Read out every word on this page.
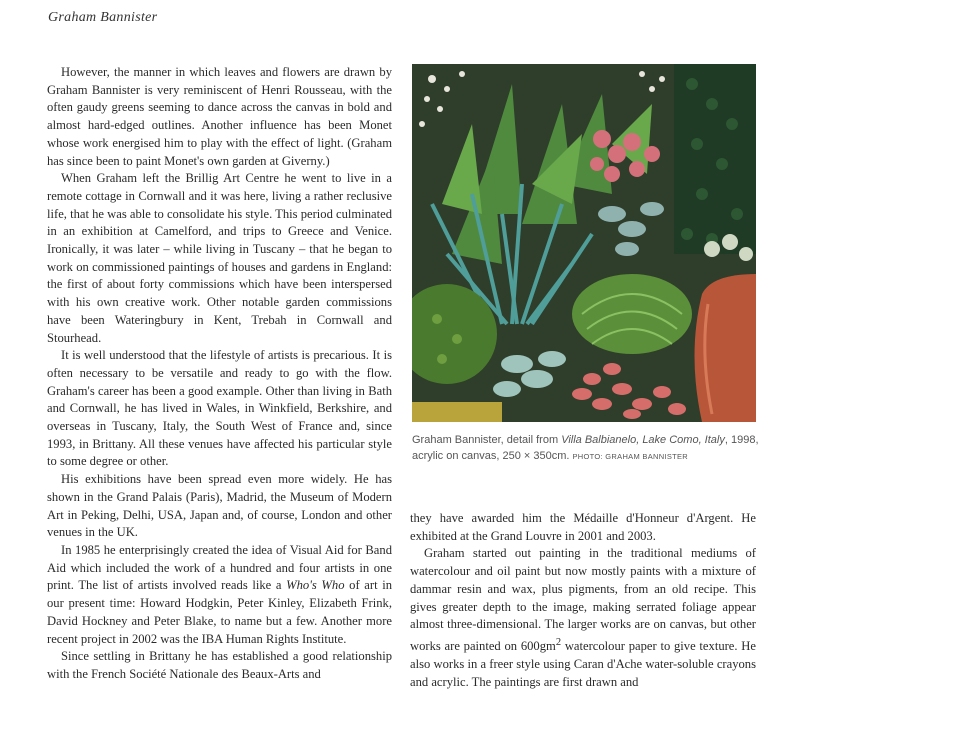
Graham Bannister

However, the manner in which leaves and flowers are drawn by Graham Bannister is very reminiscent of Henri Rousseau, with the often gaudy greens seeming to dance across the canvas in bold and almost hard-edged outlines. Another influence has been Monet whose work energised him to play with the effect of light. (Graham has since been to paint Monet's own garden at Giverny.)

When Graham left the Brillig Art Centre he went to live in a remote cottage in Cornwall and it was here, living a rather reclusive life, that he was able to consolidate his style. This period culminated in an exhibition at Camelford, and trips to Greece and Venice. Ironically, it was later – while living in Tuscany – that he began to work on commissioned paintings of houses and gardens in England: the first of about forty commissions which have been interspersed with his own creative work. Other notable garden commissions have been Wateringbury in Kent, Trebah in Cornwall and Stourhead.

It is well understood that the lifestyle of artists is precarious. It is often necessary to be versatile and ready to go with the flow. Graham's career has been a good example. Other than living in Bath and Cornwall, he has lived in Wales, in Winkfield, Berkshire, and overseas in Tuscany, Italy, the South West of France and, since 1993, in Brittany. All these venues have affected his particular style to some degree or other.

His exhibitions have been spread even more widely. He has shown in the Grand Palais (Paris), Madrid, the Museum of Modern Art in Peking, Delhi, USA, Japan and, of course, London and other venues in the UK.

In 1985 he enterprisingly created the idea of Visual Aid for Band Aid which included the work of a hundred and four artists in one print. The list of artists involved reads like a Who's Who of art in our present time: Howard Hodgkin, Peter Kinley, Elizabeth Frink, David Hockney and Peter Blake, to name but a few. Another more recent project in 2002 was the IBA Human Rights Institute.

Since settling in Brittany he has established a good relationship with the French Société Nationale des Beaux-Arts and

Graham Bannister, detail from Villa Balbianelo, Lake Como, Italy, 1998, acrylic on canvas, 250 × 350cm. PHOTO: GRAHAM BANNISTER

they have awarded him the Médaille d'Honneur d'Argent. He exhibited at the Grand Louvre in 2001 and 2003.

Graham started out painting in the traditional mediums of watercolour and oil paint but now mostly paints with a mixture of dammar resin and wax, plus pigments, from an old recipe. This gives greater depth to the image, making serrated foliage appear almost three-dimensional. The larger works are on canvas, but other works are painted on $600gm^2$ watercolour paper to give texture. He also works in a freer style using Caran d'Ache water-soluble crayons and acrylic. The paintings are first drawn and
